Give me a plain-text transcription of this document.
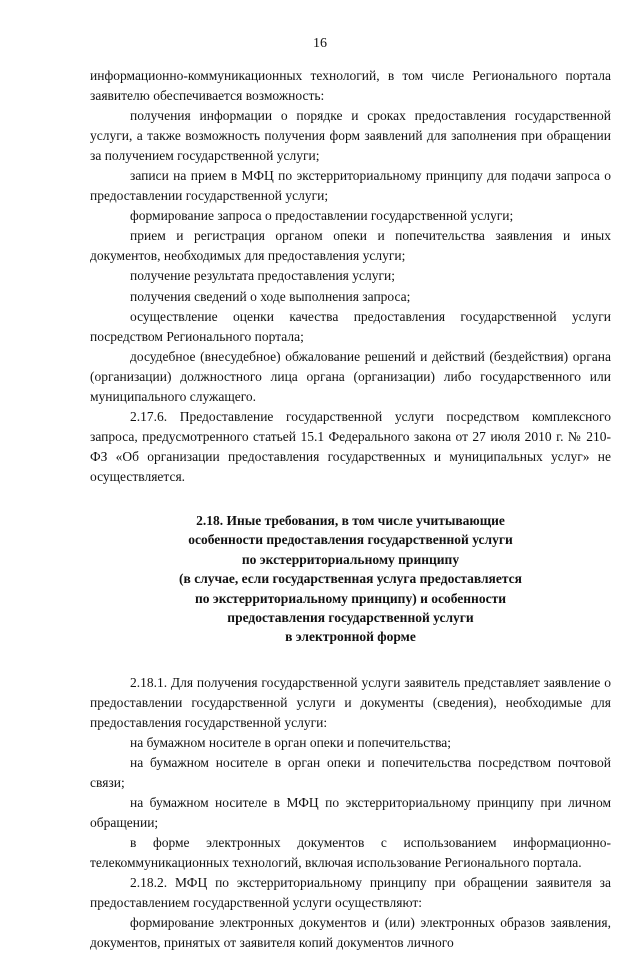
16

информационно-коммуникационных технологий, в том числе Регионального портала заявителю обеспечивается возможность:

получения информации о порядке и сроках предоставления государственной услуги, а также возможность получения форм заявлений для заполнения при обращении за получением государственной услуги;

записи на прием в МФЦ по экстерриториальному принципу для подачи запроса о предоставлении государственной услуги;

формирование запроса о предоставлении государственной услуги;

прием и регистрация органом опеки и попечительства заявления и иных документов, необходимых для предоставления услуги;

получение результата предоставления услуги;

получения сведений о ходе выполнения запроса;

осуществление оценки качества предоставления государственной услуги посредством Регионального портала;

досудебное (внесудебное) обжалование решений и действий (бездействия) органа (организации) должностного лица органа (организации) либо государственного или муниципального служащего.

2.17.6. Предоставление государственной услуги посредством комплексного запроса, предусмотренного статьей 15.1 Федерального закона от 27 июля 2010 г. № 210-ФЗ «Об организации предоставления государственных и муниципальных услуг» не осуществляется.

2.18. Иные требования, в том числе учитывающие
особенности предоставления государственной услуги
по экстерриториальному принципу
(в случае, если государственная услуга предоставляется
по экстерриториальному принципу) и особенности
предоставления государственной услуги
в электронной форме

2.18.1. Для получения государственной услуги заявитель представляет заявление о предоставлении государственной услуги и документы (сведения), необходимые для предоставления государственной услуги:

на бумажном носителе в орган опеки и попечительства;

на бумажном носителе в орган опеки и попечительства посредством почтовой связи;

на бумажном носителе в МФЦ по экстерриториальному принципу при личном обращении;

в форме электронных документов с использованием информационно-телекоммуникационных технологий, включая использование Регионального портала.

2.18.2. МФЦ по экстерриториальному принципу при обращении заявителя за предоставлением государственной услуги осуществляют:

формирование электронных документов и (или) электронных образов заявления, документов, принятых от заявителя копий документов личного
